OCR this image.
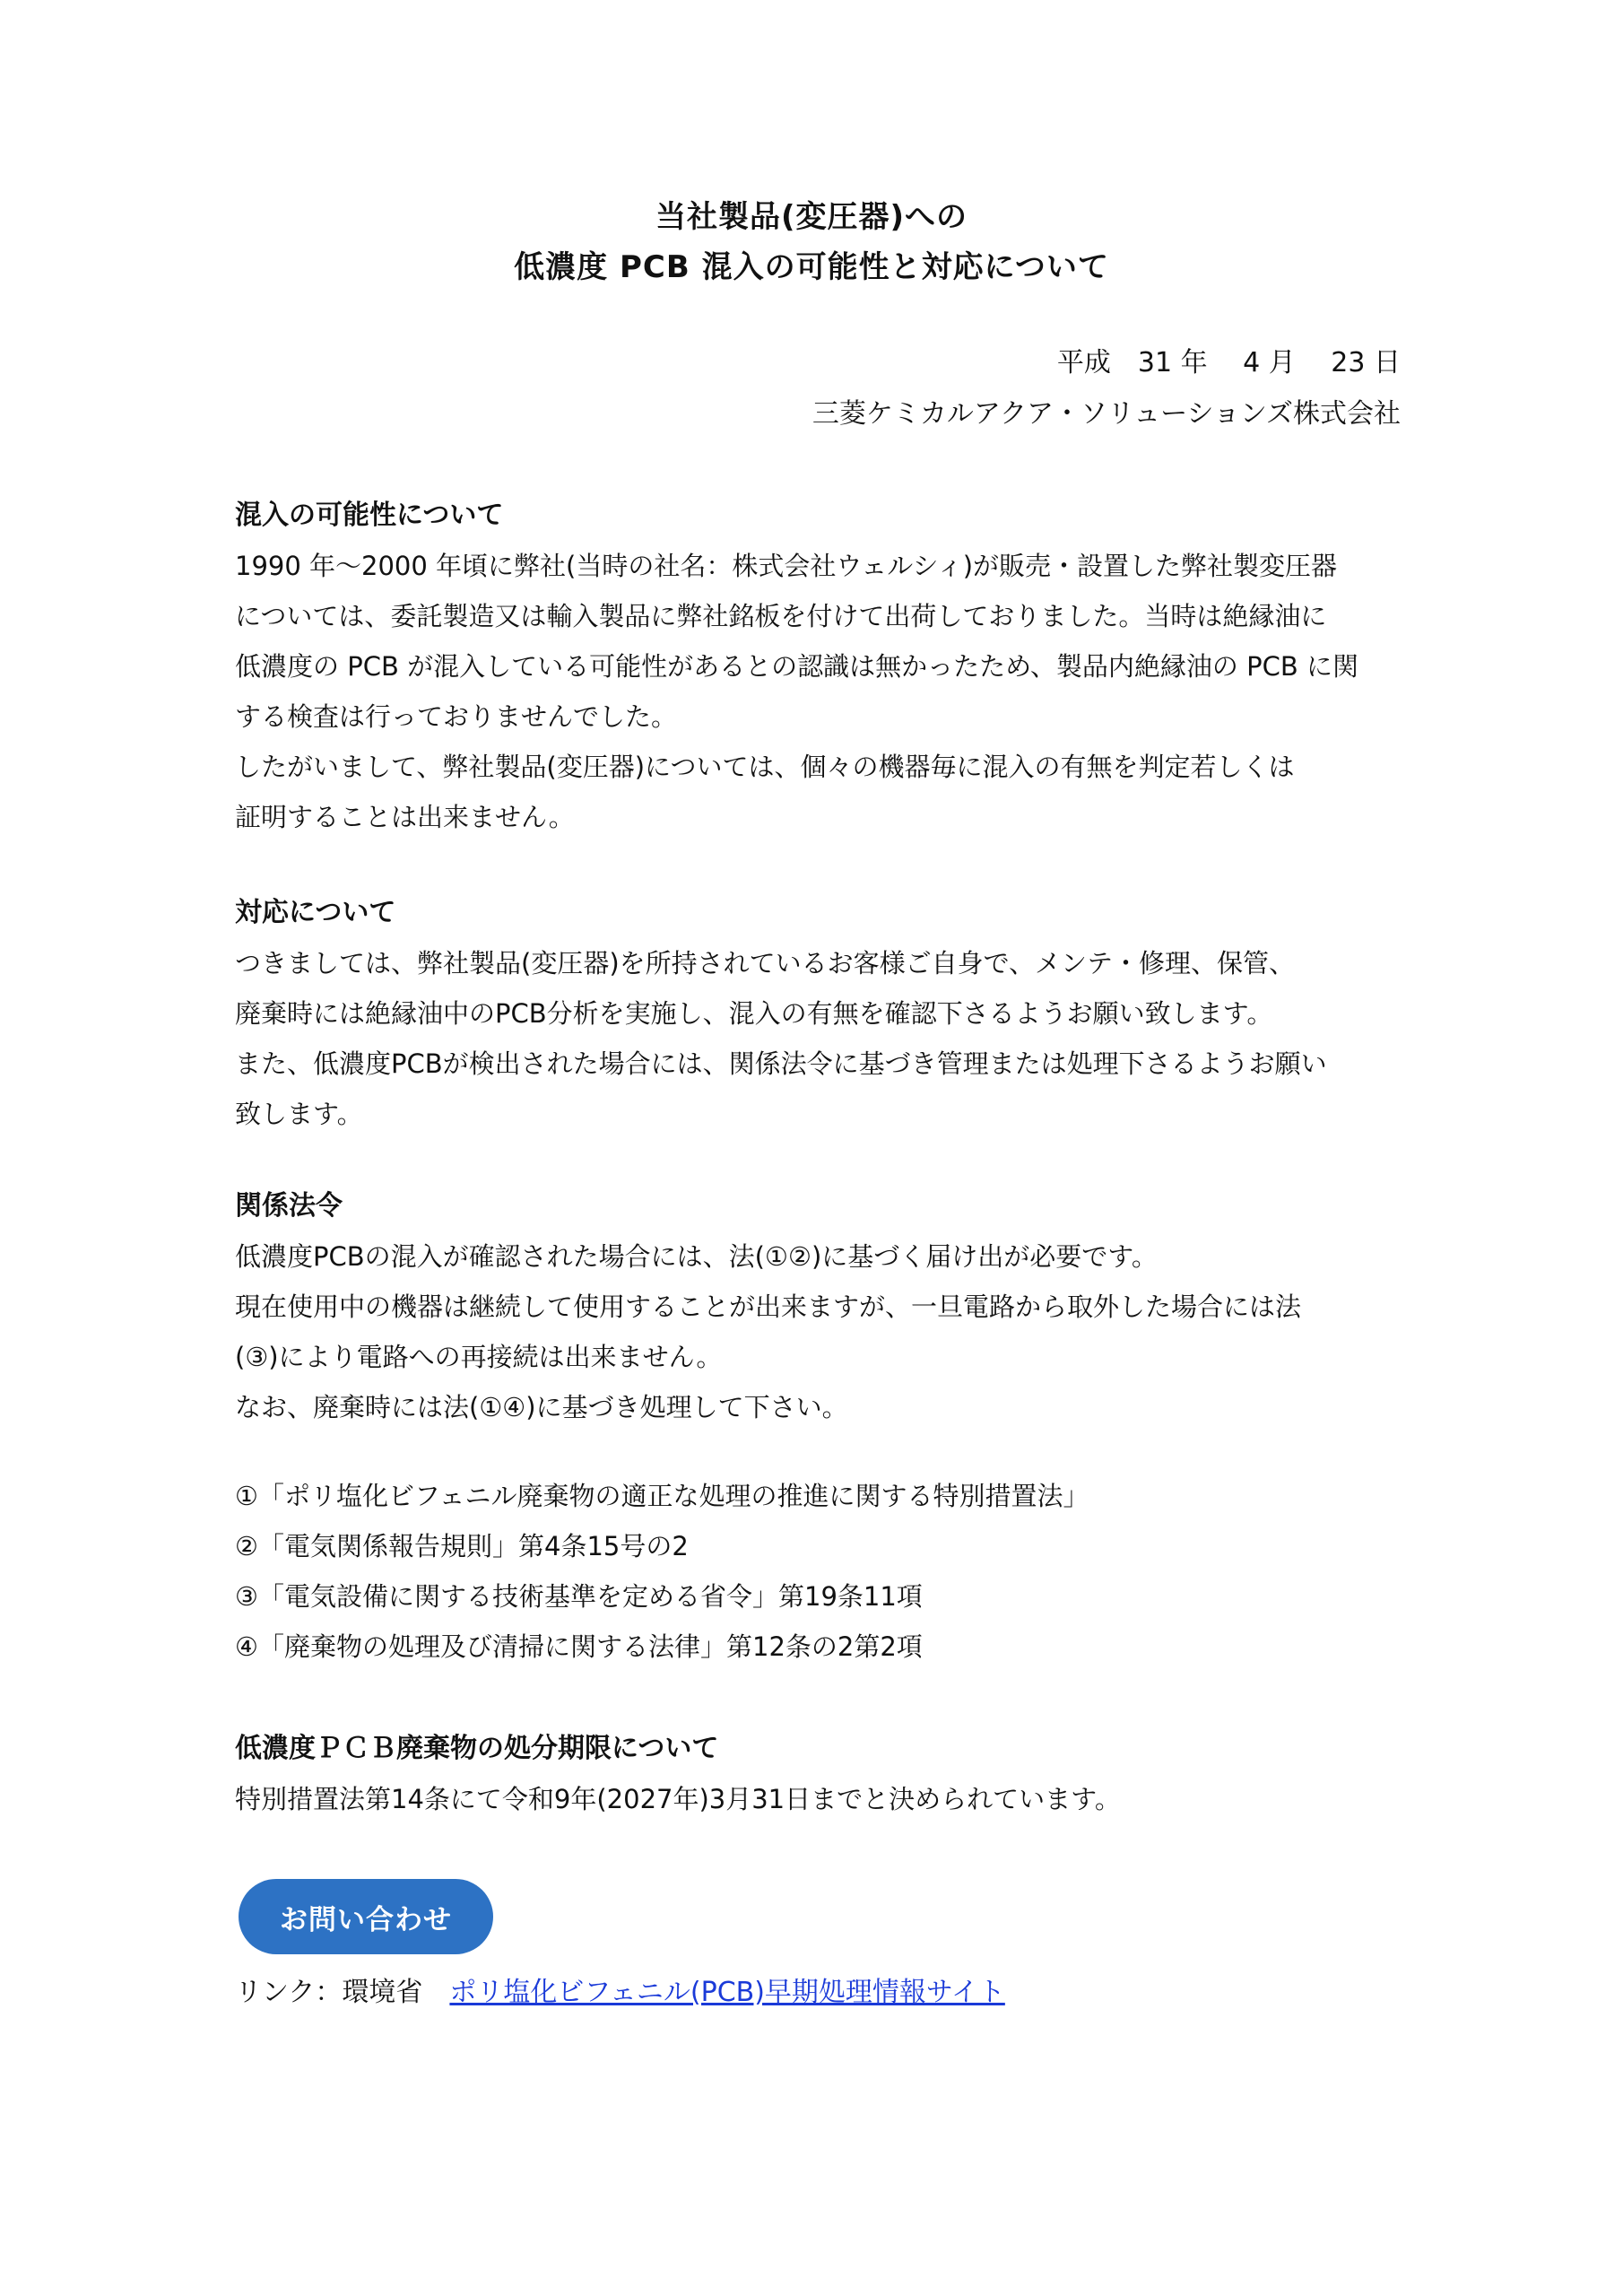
当社製品(変圧器)への
低濃度 PCB 混入の可能性と対応について
平成　31 年　 4 月　 23 日
三菱ケミカルアクア・ソリューションズ株式会社

混入の可能性について

1990 年～2000 年頃に弊社(当時の社名：株式会社ウェルシィ)が販売・設置した弊社製変圧器

については、委託製造又は輸入製品に弊社銘板を付けて出荷しておりました。当時は絶縁油に

低濃度の PCB が混入している可能性があるとの認識は無かったため、製品内絶縁油の PCB に関

する検査は行っておりませんでした。

したがいまして、弊社製品(変圧器)については、個々の機器毎に混入の有無を判定若しくは

証明することは出来ません。

対応について

つきましては、弊社製品(変圧器)を所持されているお客様ご自身で、メンテ・修理、保管、

廃棄時には絶縁油中のPCB分析を実施し、混入の有無を確認下さるようお願い致します。

また、低濃度PCBが検出された場合には、関係法令に基づき管理または処理下さるようお願い

致します。

関係法令

低濃度PCBの混入が確認された場合には、法(①②)に基づく届け出が必要です。

現在使用中の機器は継続して使用することが出来ますが、一旦電路から取外した場合には法

(③)により電路への再接続は出来ません。

なお、廃棄時には法(①④)に基づき処理して下さい。

①「ポリ塩化ビフェニル廃棄物の適正な処理の推進に関する特別措置法」

②「電気関係報告規則」第4条15号の2

③「電気設備に関する技術基準を定める省令」第19条11項

④「廃棄物の処理及び清掃に関する法律」第12条の2第2項

低濃度ＰＣＢ廃棄物の処分期限について

特別措置法第14条にて令和9年(2027年)3月31日までと決められています。

お問い合わせ
リンク：環境省 ポリ塩化ビフェニル(PCB)早期処理情報サイト
